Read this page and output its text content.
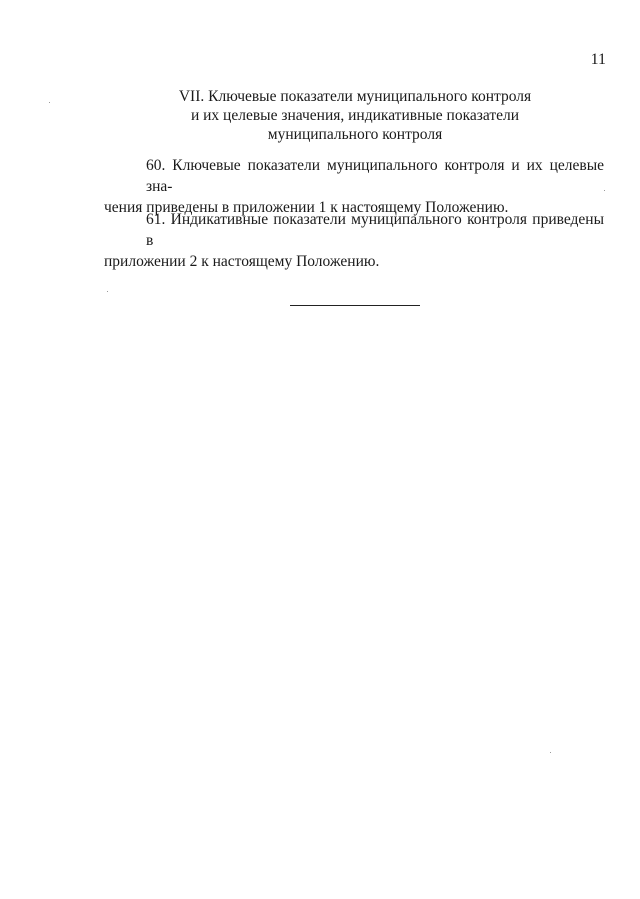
11
VII. Ключевые показатели муниципального контроля
и их целевые значения, индикативные показатели
муниципального контроля
60. Ключевые показатели муниципального контроля и их целевые зна-
чения приведены в приложении 1 к настоящему Положению.
61. Индикативные показатели муниципального контроля приведены в
приложении 2 к настоящему Положению.
